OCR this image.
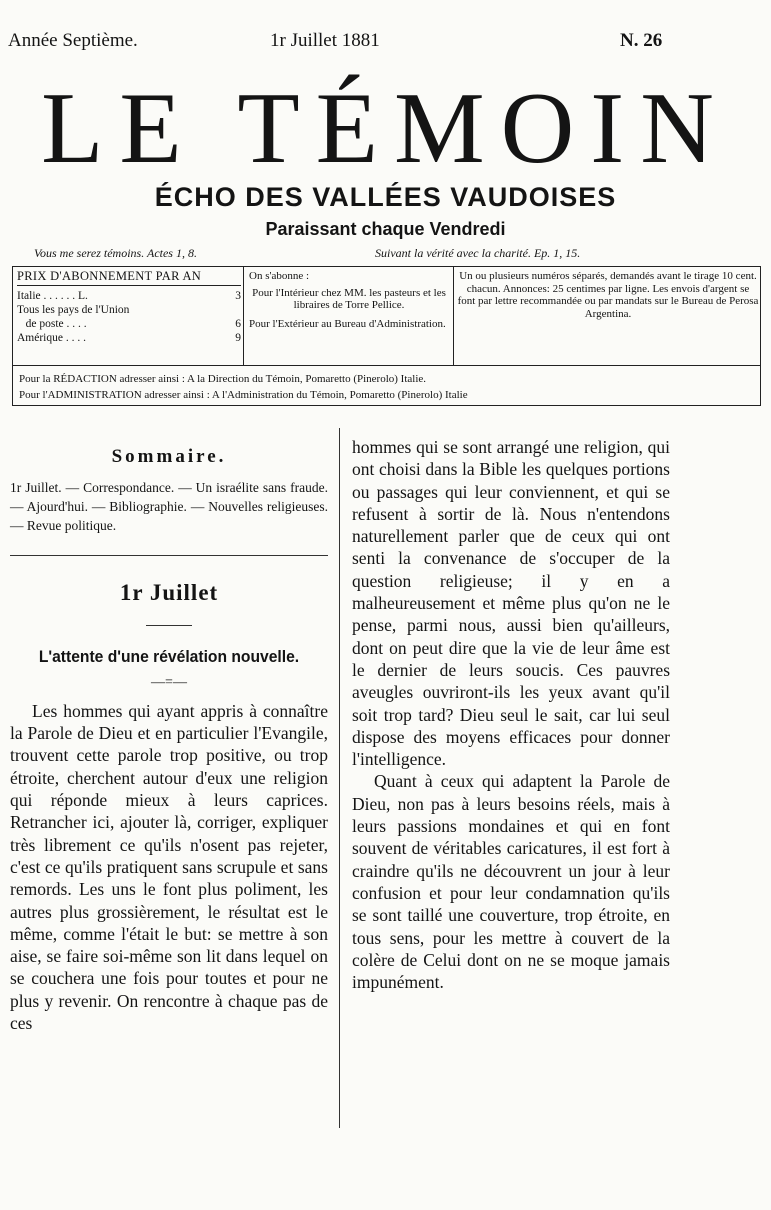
Année Septième.	1r Juillet 1881	N. 26
LE TÉMOIN
ÉCHO DES VALLÉES VAUDOISES
Paraissant chaque Vendredi
Vous me serez témoins. Actes 1, 8.	Suivant la vérité avec la charité. Ep. 1, 15.
PRIX D'ABONNEMENT PAR AN
Italie . . . . . . L.	3
Tous les pays de l'Union
de poste . . . .	6
Amérique . . . .	9
On s'abonne :
Pour l'Intérieur chez MM. les pasteurs et les libraires de Torre Pellice.
Pour l'Extérieur au Bureau d'Administration.
Un ou plusieurs numéros séparés, demandés avant le tirage 10 cent. chacun. Annonces: 25 centimes par ligne. Les envois d'argent se font par lettre recommandée ou par mandats sur le Bureau de Perosa Argentina.
Pour la RÉDACTION adresser ainsi : A la Direction du Témoin, Pomaretto (Pinerolo) Italie.
Pour l'ADMINISTRATION adresser ainsi : A l'Administration du Témoin, Pomaretto (Pinerolo) Italie
Sommaire.

1r Juillet. — Correspondance. — Un israélite sans fraude. — Ajourd'hui. — Bibliographie. — Nouvelles religieuses. — Revue politique.

1r Juillet
L'attente d'une révélation nouvelle.
—=—

Les hommes qui ayant appris à connaître la Parole de Dieu et en particulier l'Evangile, trouvent cette parole trop positive, ou trop étroite, cherchent autour d'eux une religion qui réponde mieux à leurs caprices. Retrancher ici, ajouter là, corriger, expliquer très librement ce qu'ils n'osent pas rejeter, c'est ce qu'ils pratiquent sans scrupule et sans remords. Les uns le font plus poliment, les autres plus grossièrement, le résultat est le même, comme l'était le but: se mettre à son aise, se faire soi-même son lit dans lequel on se couchera une fois pour toutes et pour ne plus y revenir. On rencontre à chaque pas de ces

hommes qui se sont arrangé une religion, qui ont choisi dans la Bible les quelques portions ou passages qui leur conviennent, et qui se refusent à sortir de là. Nous n'entendons naturellement parler que de ceux qui ont senti la convenance de s'occuper de la question religieuse; il y en a malheureusement et même plus qu'on ne le pense, parmi nous, aussi bien qu'ailleurs, dont on peut dire que la vie de leur âme est le dernier de leurs soucis. Ces pauvres aveugles ouvriront-ils les yeux avant qu'il soit trop tard? Dieu seul le sait, car lui seul dispose des moyens efficaces pour donner l'intelligence.

Quant à ceux qui adaptent la Parole de Dieu, non pas à leurs besoins réels, mais à leurs passions mondaines et qui en font souvent de véritables caricatures, il est fort à craindre qu'ils ne découvrent un jour à leur confusion et pour leur condamnation qu'ils se sont taillé une couverture, trop étroite, en tous sens, pour les mettre à couvert de la colère de Celui dont on ne se moque jamais impunément.
